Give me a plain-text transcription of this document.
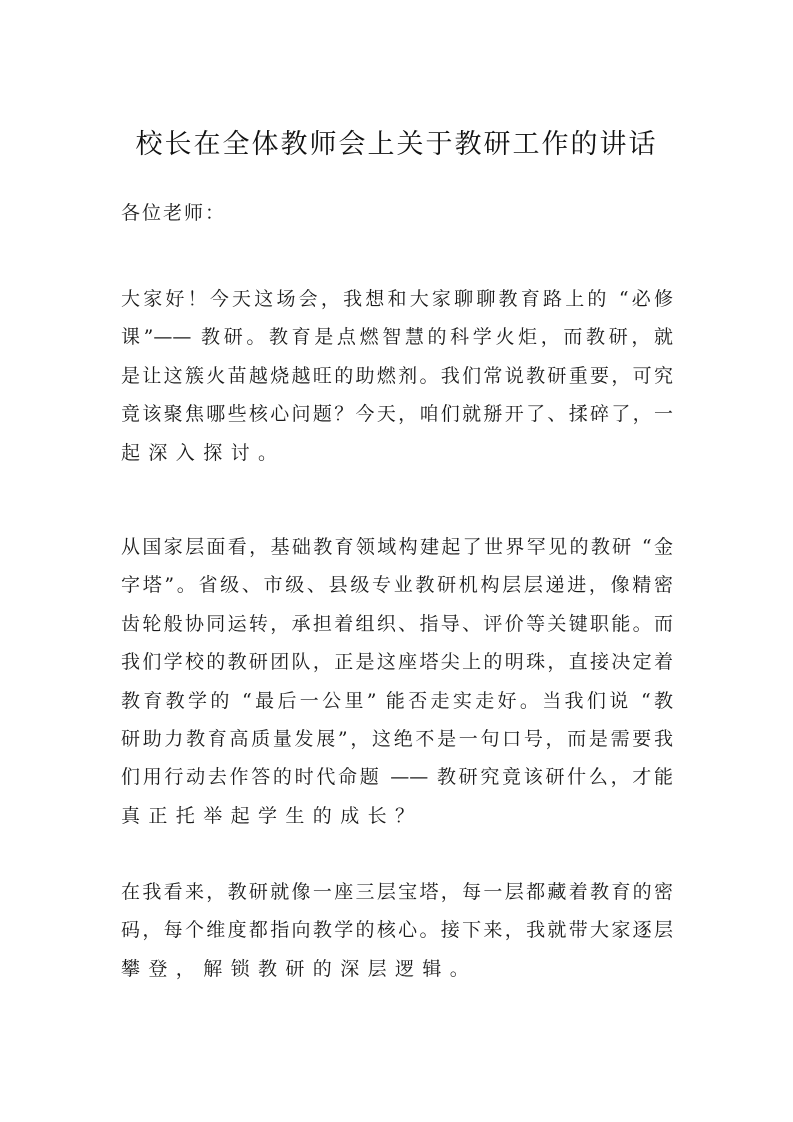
校长在全体教师会上关于教研工作的讲话

各位老师：

大家好！今天这场会，我想和大家聊聊教育路上的 “必修
课”—— 教研。教育是点燃智慧的科学火炬，而教研，就
是让这簇火苗越烧越旺的助燃剂。我们常说教研重要，可究
竟该聚焦哪些核心问题？今天，咱们就掰开了、揉碎了，一
起深入探讨。
从国家层面看，基础教育领域构建起了世界罕见的教研 “金
字塔”。省级、市级、县级专业教研机构层层递进，像精密
齿轮般协同运转，承担着组织、指导、评价等关键职能。而
我们学校的教研团队，正是这座塔尖上的明珠，直接决定着
教育教学的 “最后一公里” 能否走实走好。当我们说 “教
研助力教育高质量发展”，这绝不是一句口号，而是需要我
们用行动去作答的时代命题 —— 教研究竟该研什么，才能
真正托举起学生的成长？
在我看来，教研就像一座三层宝塔，每一层都藏着教育的密
码，每个维度都指向教学的核心。接下来，我就带大家逐层
攀登，解锁教研的深层逻辑。
